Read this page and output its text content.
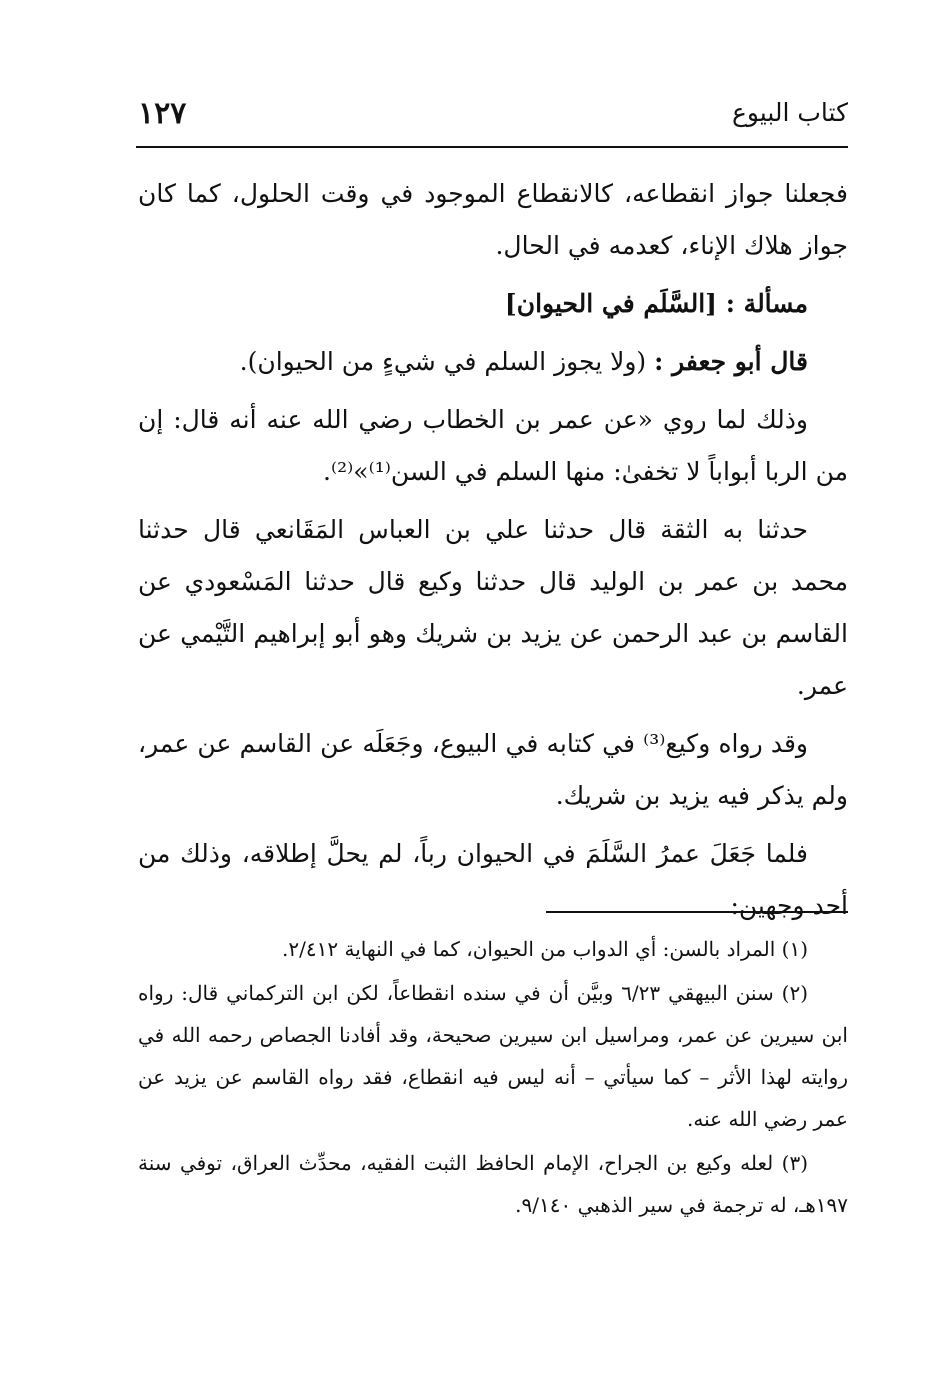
كتاب البيوع
١٢٧

فجعلنا جواز انقطاعه، كالانقطاع الموجود في وقت الحلول، كما كان جواز هلاك الإناء، كعدمه في الحال.

مسألة : [السَّلَم في الحيوان]

قال أبو جعفر : (ولا يجوز السلم في شيءٍ من الحيوان).

وذلك لما روي «عن عمر بن الخطاب رضي الله عنه أنه قال: إن من الربا أبواباً لا تخفىٰ: منها السلم في السن⁽¹⁾»⁽²⁾.

حدثنا به الثقة قال حدثنا علي بن العباس المَقَانعي قال حدثنا محمد بن عمر بن الوليد قال حدثنا وكيع قال حدثنا المَسْعودي عن القاسم بن عبد الرحمن عن يزيد بن شريك وهو أبو إبراهيم التَّيْمي عن عمر.

وقد رواه وكيع⁽³⁾ في كتابه في البيوع، وجَعَلَه عن القاسم عن عمر، ولم يذكر فيه يزيد بن شريك.

فلما جَعَلَ عمرُ السَّلَمَ في الحيوان رباً، لم يحلَّ إطلاقه، وذلك من أحد وجهين:

(١) المراد بالسن: أي الدواب من الحيوان، كما في النهاية ٢/٤١٢.

(٢) سنن البيهقي ٦/٢٣ وبيَّن أن في سنده انقطاعاً، لكن ابن التركماني قال: رواه ابن سيرين عن عمر، ومراسيل ابن سيرين صحيحة، وقد أفادنا الجصاص رحمه الله في روايته لهذا الأثر – كما سيأتي – أنه ليس فيه انقطاع، فقد رواه القاسم عن يزيد عن عمر رضي الله عنه.

(٣) لعله وكيع بن الجراح، الإمام الحافظ الثبت الفقيه، محدِّث العراق، توفي سنة ١٩٧هـ، له ترجمة في سير الذهبي ٩/١٤٠.
